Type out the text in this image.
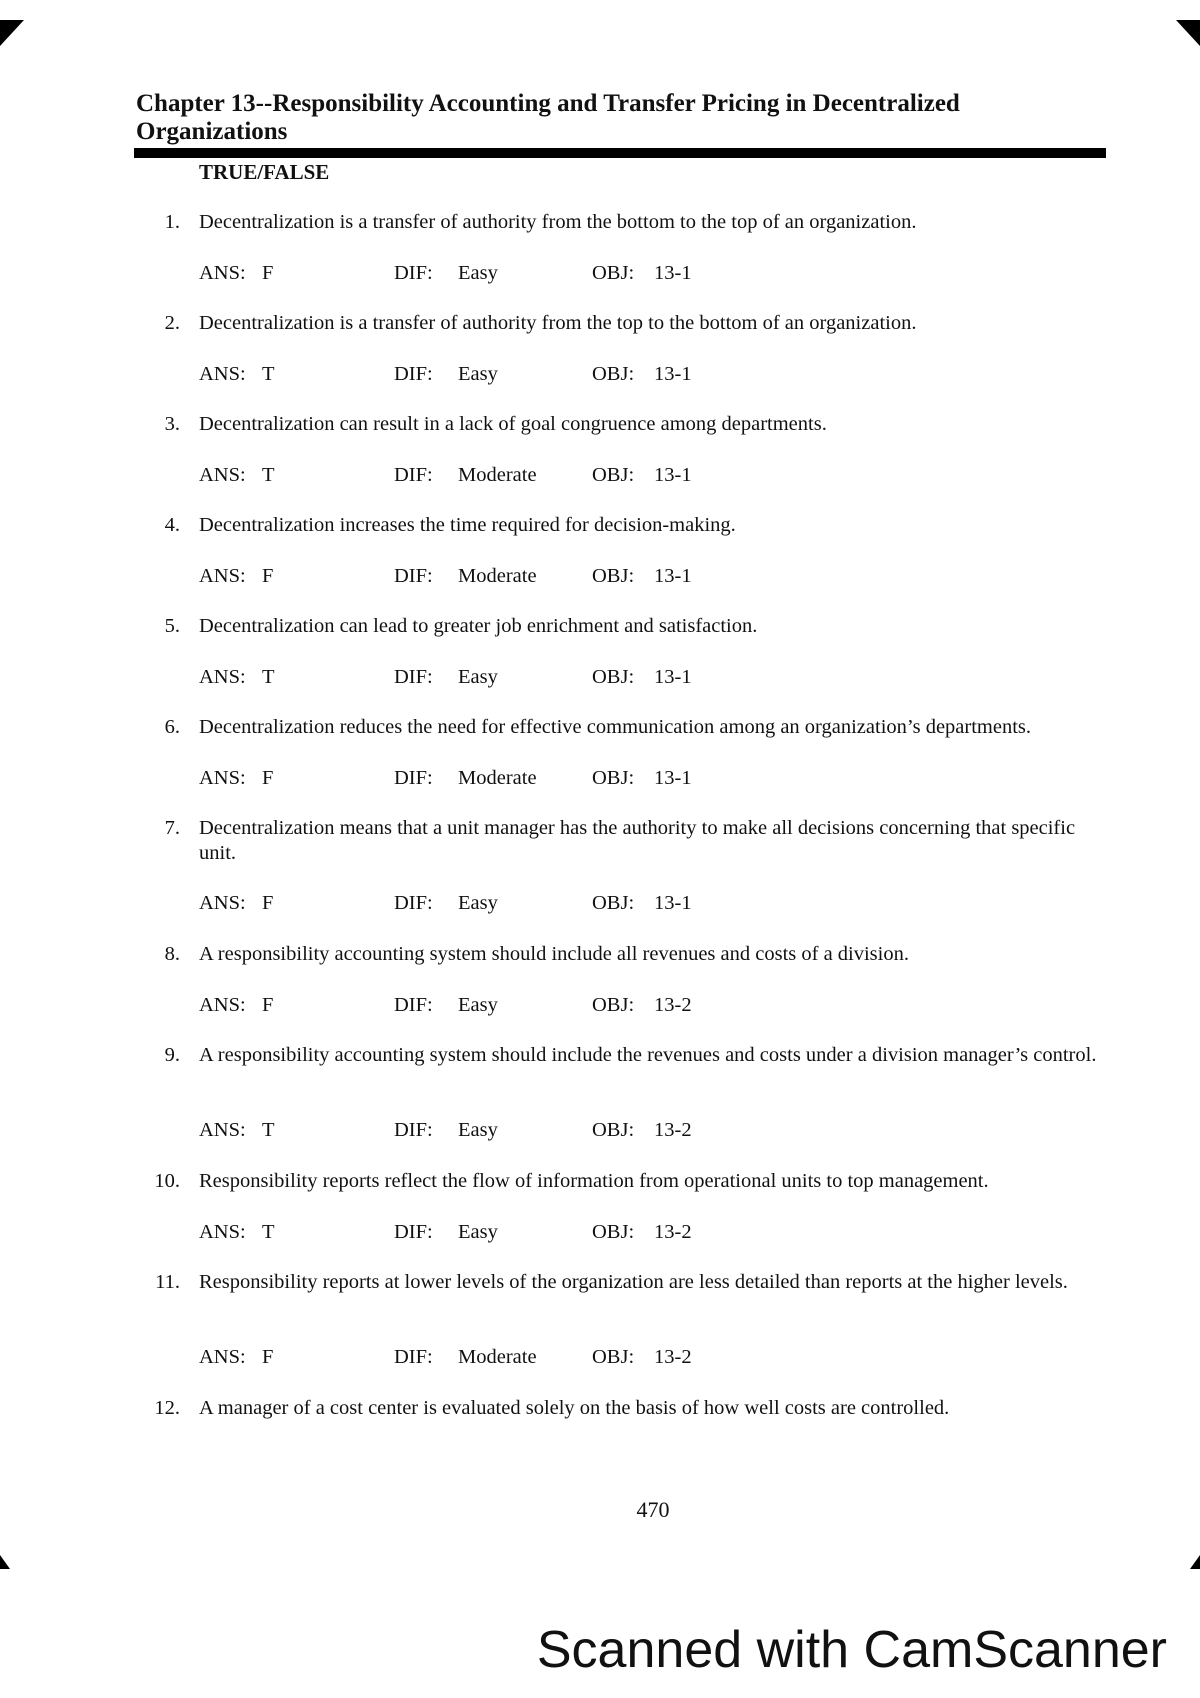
Chapter 13--Responsibility Accounting and Transfer Pricing in Decentralized Organizations
TRUE/FALSE
1. Decentralization is a transfer of authority from the bottom to the top of an organization.
ANS: F	DIF: Easy	OBJ: 13-1
2. Decentralization is a transfer of authority from the top to the bottom of an organization.
ANS: T	DIF: Easy	OBJ: 13-1
3. Decentralization can result in a lack of goal congruence among departments.
ANS: T	DIF: Moderate	OBJ: 13-1
4. Decentralization increases the time required for decision-making.
ANS: F	DIF: Moderate	OBJ: 13-1
5. Decentralization can lead to greater job enrichment and satisfaction.
ANS: T	DIF: Easy	OBJ: 13-1
6. Decentralization reduces the need for effective communication among an organization’s departments.
ANS: F	DIF: Moderate	OBJ: 13-1
7. Decentralization means that a unit manager has the authority to make all decisions concerning that specific unit.
ANS: F	DIF: Easy	OBJ: 13-1
8. A responsibility accounting system should include all revenues and costs of a division.
ANS: F	DIF: Easy	OBJ: 13-2
9. A responsibility accounting system should include the revenues and costs under a division manager’s control.
ANS: T	DIF: Easy	OBJ: 13-2
10. Responsibility reports reflect the flow of information from operational units to top management.
ANS: T	DIF: Easy	OBJ: 13-2
11. Responsibility reports at lower levels of the organization are less detailed than reports at the higher levels.
ANS: F	DIF: Moderate	OBJ: 13-2
12. A manager of a cost center is evaluated solely on the basis of how well costs are controlled.
470
Scanned with CamScanner
